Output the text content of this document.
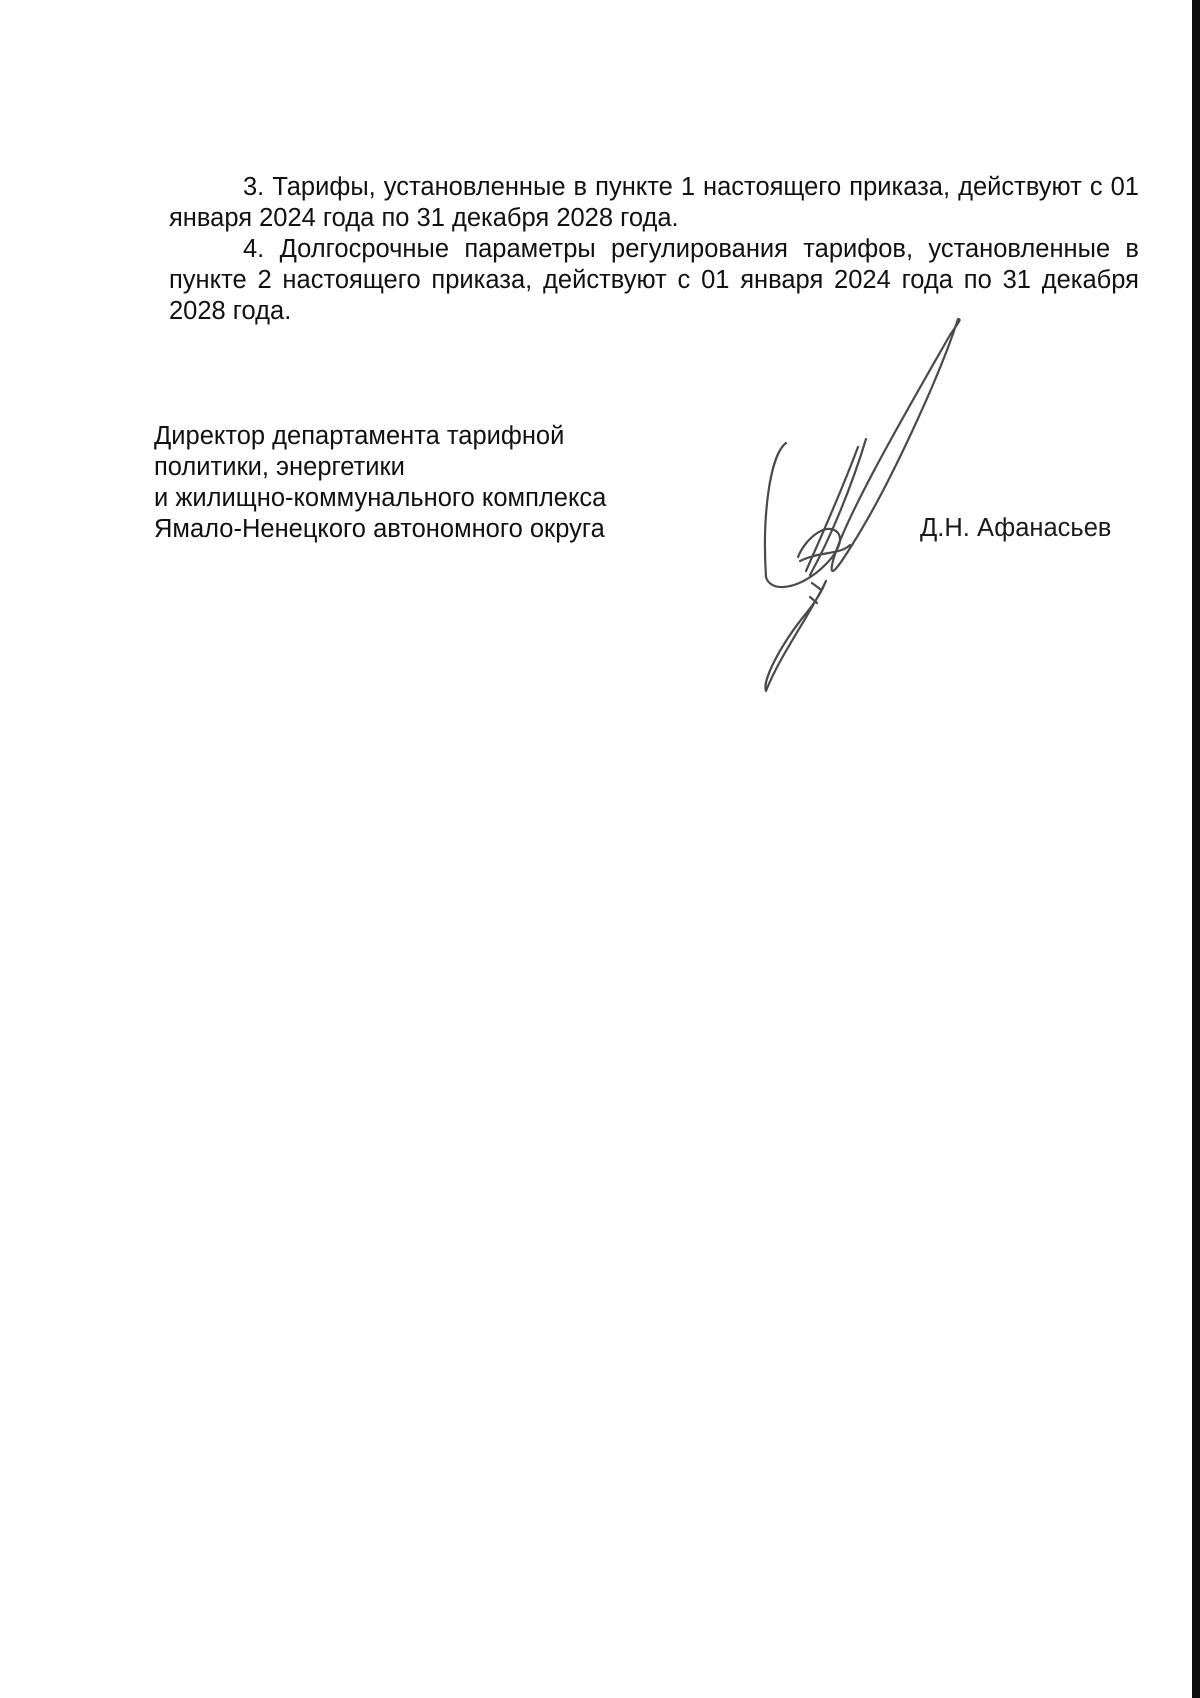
3. Тарифы, установленные в пункте 1 настоящего приказа, действуют с 01 января 2024 года по 31 декабря 2028 года.

4. Долгосрочные параметры регулирования тарифов, установленные в пункте 2 настоящего приказа, действуют с 01 января 2024 года по 31 декабря 2028 года.

Директор департамента тарифной
политики, энергетики
и жилищно-коммунального комплекса
Ямало-Ненецкого автономного округа	Д.Н. Афанасьев
